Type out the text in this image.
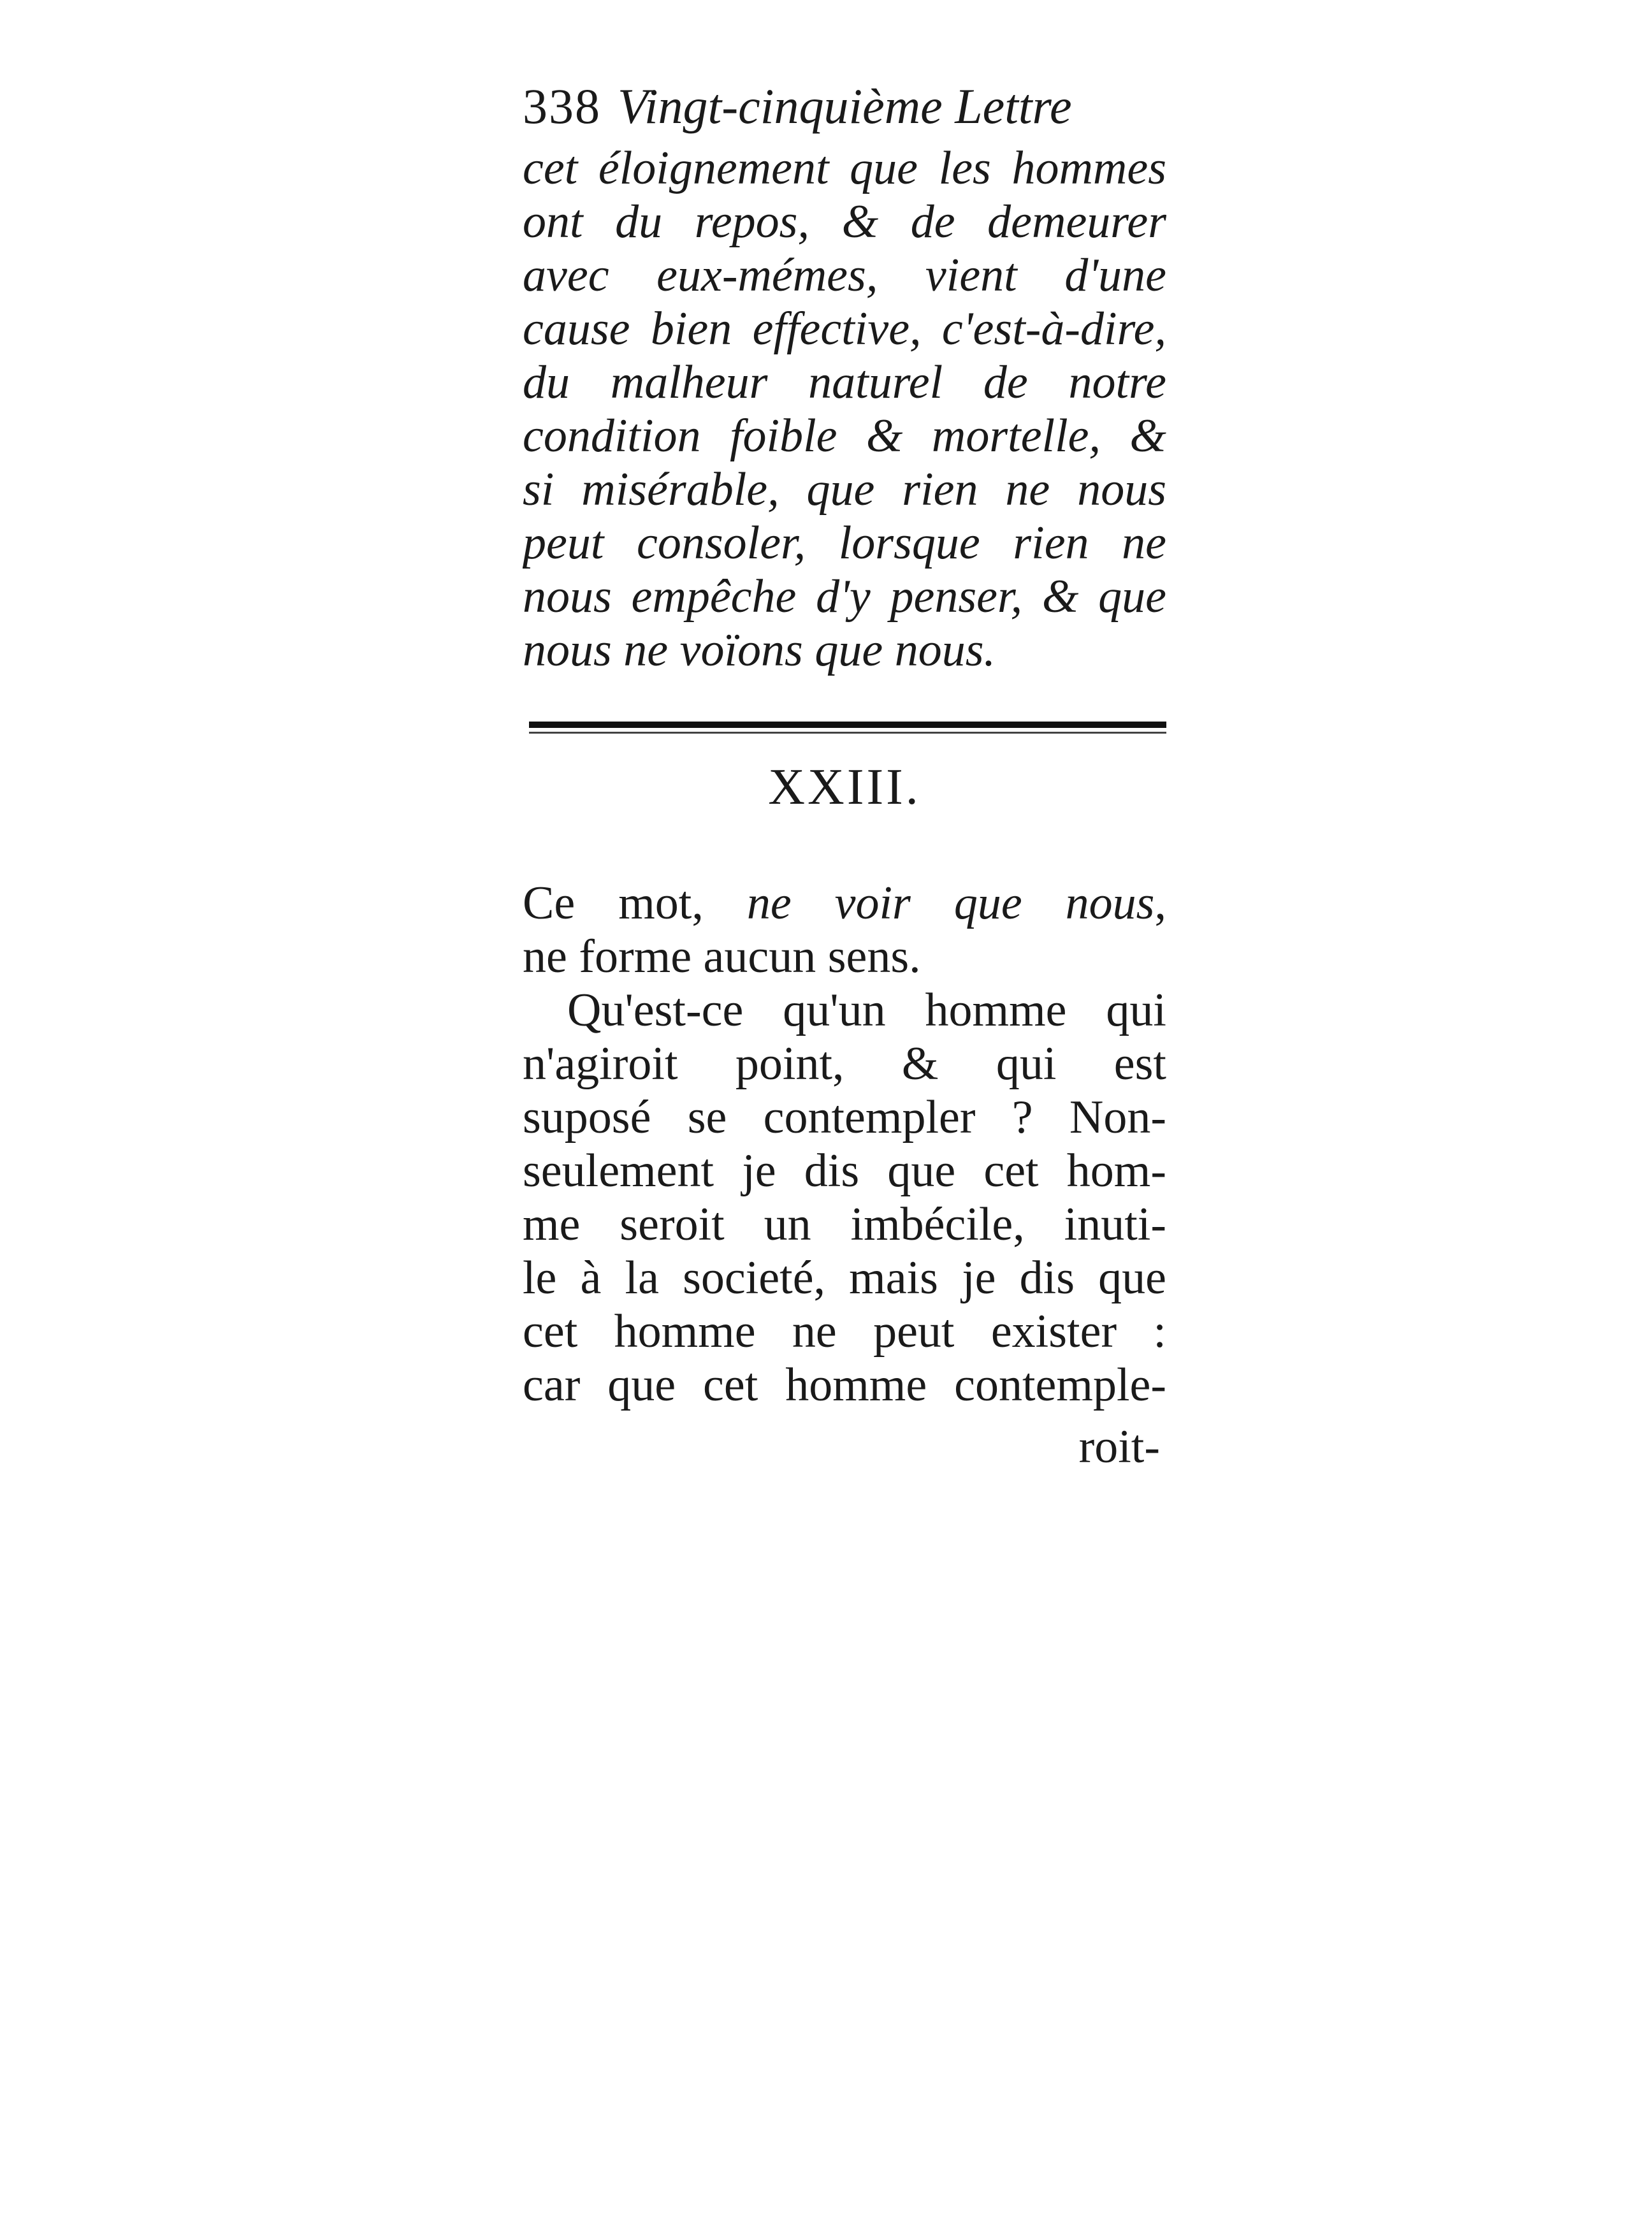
338 Vingt-cinquième Lettre
cet éloignement que les hommes
ont du repos, & de demeurer
avec eux-mémes, vient d'une
cause bien effective, c'est-à-dire,
du malheur naturel de notre
condition foible & mortelle, &
si misérable, que rien ne nous
peut consoler, lorsque rien ne
nous empêche d'y penser, & que
nous ne voïons que nous.
XXIII.
Ce mot, ne voir que nous,
ne forme aucun sens.
Qu'est-ce qu'un homme qui
n'agiroit point, & qui est
suposé se contempler ? Non-
seulement je dis que cet hom-
me seroit un imbécile, inuti-
le à la societé, mais je dis que
cet homme ne peut exister :
car que cet homme contemple-
roit-
